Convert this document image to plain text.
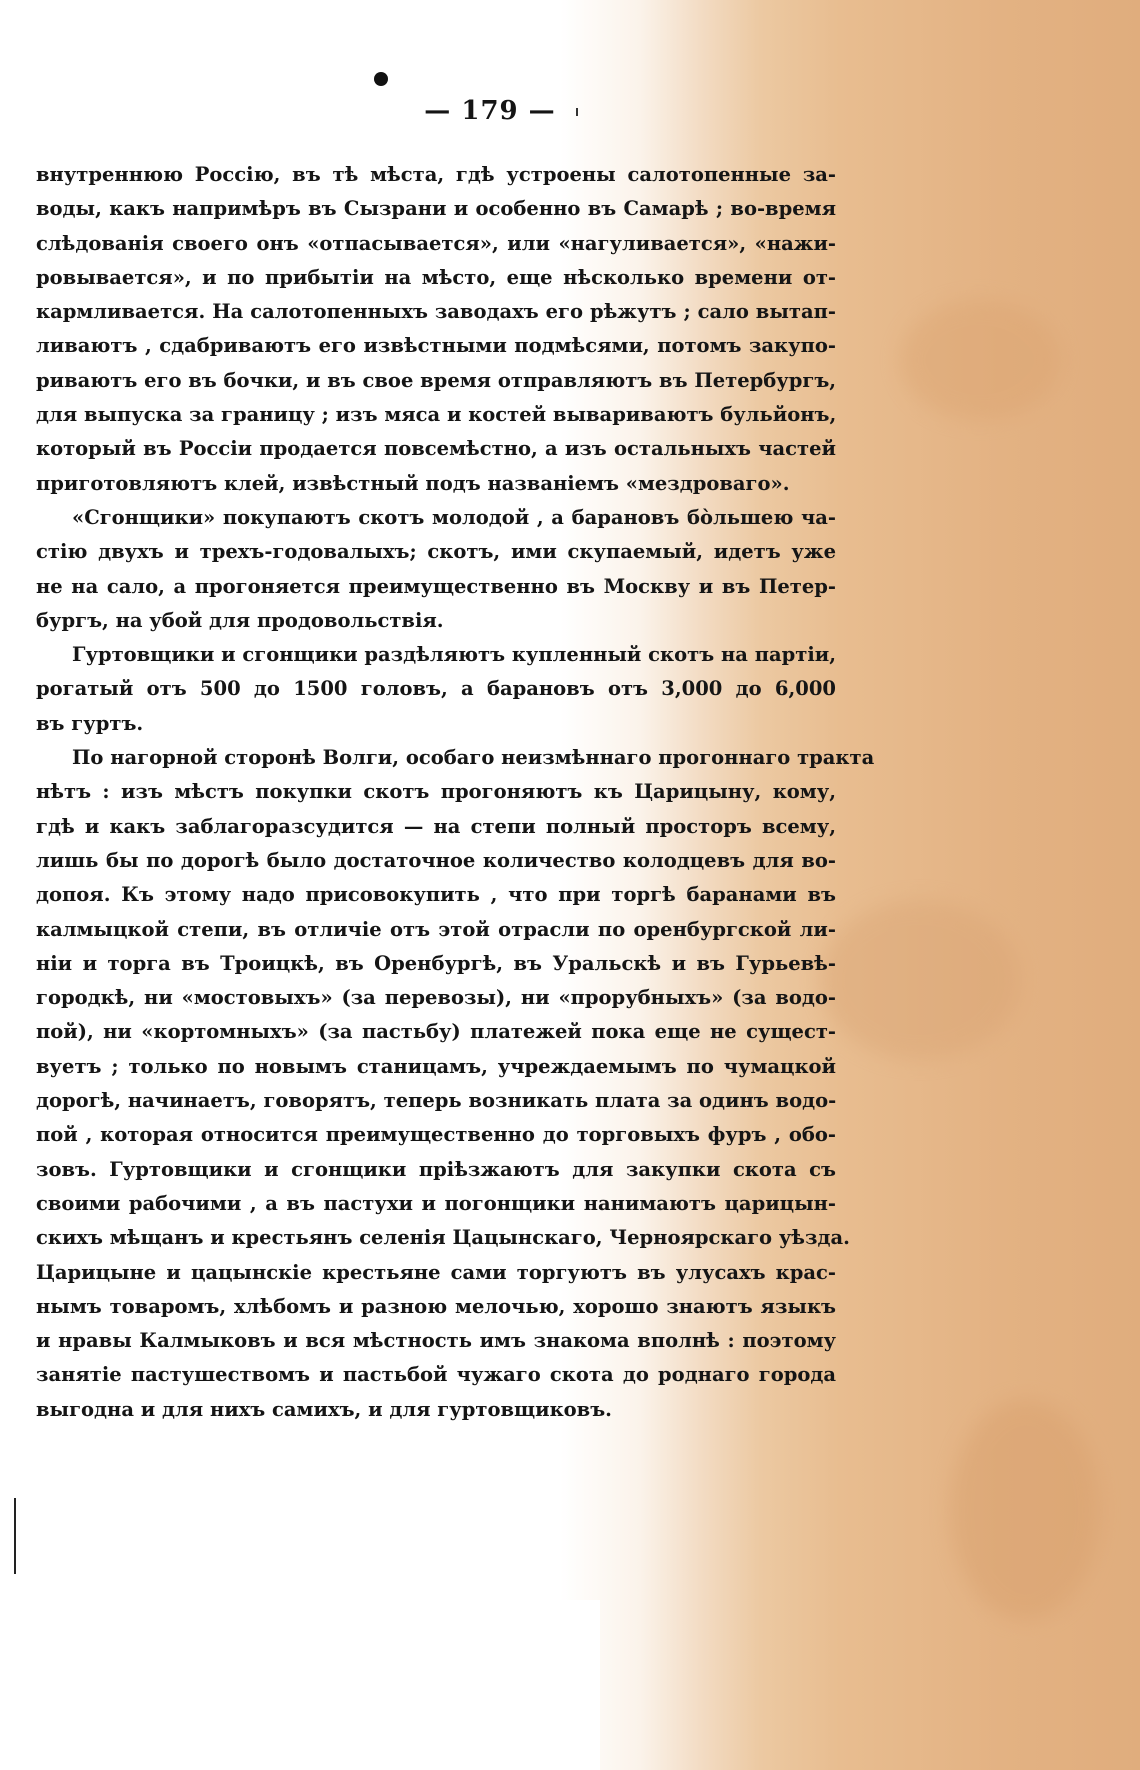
— 179 —
внутреннюю Россію, въ тѣ мѣста, гдѣ устроены салотопенные за-
воды, какъ напримѣръ въ Сызрани и особенно въ Самарѣ ; во-время
слѣдованія своего онъ «отпасывается», или «нагуливается», «нажи-
ровывается», и по прибытіи на мѣсто, еще нѣсколько времени от-
кармливается. На салотопенныхъ заводахъ его рѣжутъ ; сало вытап-
ливаютъ , сдабриваютъ его извѣстными подмѣсями, потомъ закупо-
риваютъ его въ бочки, и въ свое время отправляютъ въ Петербургъ,
для выпуска за границу ; изъ мяса и костей вывариваютъ бульйонъ,
который въ Россіи продается повсемѣстно, а изъ остальныхъ частей
приготовляютъ клей, извѣстный подъ названіемъ «мездроваго».
«Сгонщики» покупаютъ скотъ молодой , а барановъ бо̀льшею ча-
стію двухъ и трехъ-годовалыхъ; скотъ, ими скупаемый, идетъ уже
не на сало, а прогоняется преимущественно въ Москву и въ Петер-
бургъ, на убой для продовольствія.
Гуртовщики и сгонщики раздѣляютъ купленный скотъ на партіи,
рогатый отъ 500 до 1500 головъ, а барановъ отъ 3,000 до 6,000
въ гуртъ.
По нагорной сторонѣ Волги, особаго неизмѣннаго прогоннаго тракта
нѣтъ : изъ мѣстъ покупки скотъ прогоняютъ къ Царицыну, кому,
гдѣ и какъ заблагоразсудится — на степи полный просторъ всему,
лишь бы по дорогѣ было достаточное количество колодцевъ для во-
допоя. Къ этому надо присовокупить , что при торгѣ баранами въ
калмыцкой степи, въ отличіе отъ этой отрасли по оренбургской ли-
ніи и торга въ Троицкѣ, въ Оренбургѣ, въ Уральскѣ и въ Гурьевѣ-
городкѣ, ни «мостовыхъ» (за перевозы), ни «прорубныхъ» (за водо-
пой), ни «кортомныхъ» (за пастьбу) платежей пока еще не сущест-
вуетъ ; только по новымъ станицамъ, учреждаемымъ по чумацкой
дорогѣ, начинаетъ, говорятъ, теперь возникать плата за одинъ водо-
пой , которая относится преимущественно до торговыхъ фуръ , обо-
зовъ. Гуртовщики и сгонщики пріѣзжаютъ для закупки скота съ
своими рабочими , а въ пастухи и погонщики нанимаютъ царицын-
скихъ мѣщанъ и крестьянъ селенія Цацынскаго, Черноярскаго уѣзда.
Царицыне и цацынскіе крестьяне сами торгуютъ въ улусахъ крас-
нымъ товаромъ, хлѣбомъ и разною мелочью, хорошо знаютъ языкъ
и нравы Калмыковъ и вся мѣстность имъ знакома вполнѣ : поэтому
занятіе пастушествомъ и пастьбой чужаго скота до роднаго города
выгодна и для нихъ самихъ, и для гуртовщиковъ.
